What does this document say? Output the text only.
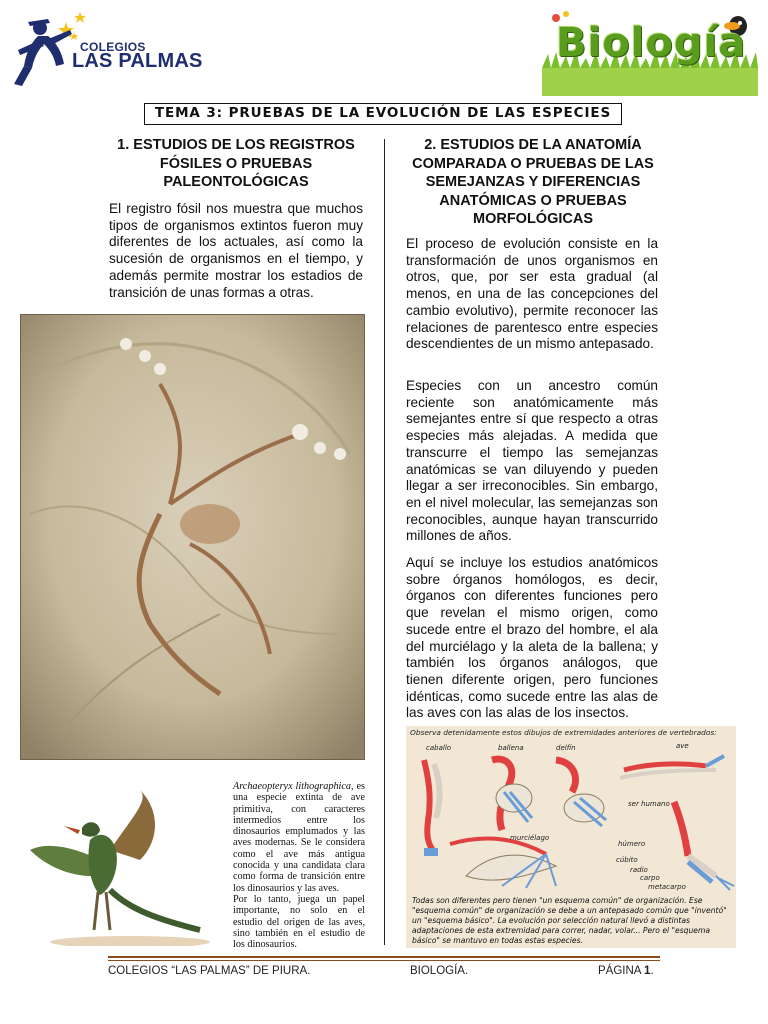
COLEGIOS
LAS PALMAS	Biología
TEMA 3: PRUEBAS DE LA EVOLUCIÓN DE LAS ESPECIES

1. ESTUDIOS DE LOS REGISTROS FÓSILES O PRUEBAS PALEONTOLÓGICAS

El registro fósil nos muestra que muchos tipos de organismos extintos fueron muy diferentes de los actuales, así como la sucesión de organismos en el tiempo, y además permite mostrar los estadios de transición de unas formas a otras.

Archaeopteryx lithographica, es una especie extinta de ave primitiva, con caracteres intermedios entre los dinosaurios emplumados y las aves modernas. Se le considera como el ave más antigua conocida y una candidata clara como forma de transición entre los dinosaurios y las aves.
Por lo tanto, juega un papel importante, no solo en el estudio del origen de las aves, sino también en el estudio de los dinosaurios.

2. ESTUDIOS DE LA ANATOMÍA COMPARADA O PRUEBAS DE LAS SEMEJANZAS Y DIFERENCIAS ANATÓMICAS O PRUEBAS MORFOLÓGICAS

El proceso de evolución consiste en la transformación de unos organismos en otros, que, por ser esta gradual (al menos, en una de las concepciones del cambio evolutivo), permite reconocer las relaciones de parentesco entre especies descendientes de un mismo antepasado.

Especies con un ancestro común reciente son anatómicamente más semejantes entre sí que respecto a otras especies más alejadas. A medida que transcurre el tiempo las semejanzas anatómicas se van diluyendo y pueden llegar a ser irreconocibles. Sin embargo, en el nivel molecular, las semejanzas son reconocibles, aunque hayan transcurrido millones de años.

Aquí se incluye los estudios anatómicos sobre órganos homólogos, es decir, órganos con diferentes funciones pero que revelan el mismo origen, como sucede entre el brazo del hombre, el ala del murciélago y la aleta de la ballena; y también los órganos análogos, que tienen diferente origen, pero funciones idénticas, como sucede entre las alas de las aves con las alas de los insectos.

Observa detenidamente estos dibujos de extremidades anteriores de vertebrados:
caballo	ballena	delfín	ave
ser humano
murciélago
húmero
cúbito
radio
carpo
metacarpo
Todas son diferentes pero tienen "un esquema común" de organización. Ese "esquema común" de organización se debe a un antepasado común que "inventó" un "esquema básico". La evolución por selección natural llevó a distintas adaptaciones de esta extremidad para correr, nadar, volar... Pero el "esquema básico" se mantuvo en todas estas especies.
COLEGIOS “LAS PALMAS” DE PIURA.	BIOLOGÍA.	PÁGINA 1.
